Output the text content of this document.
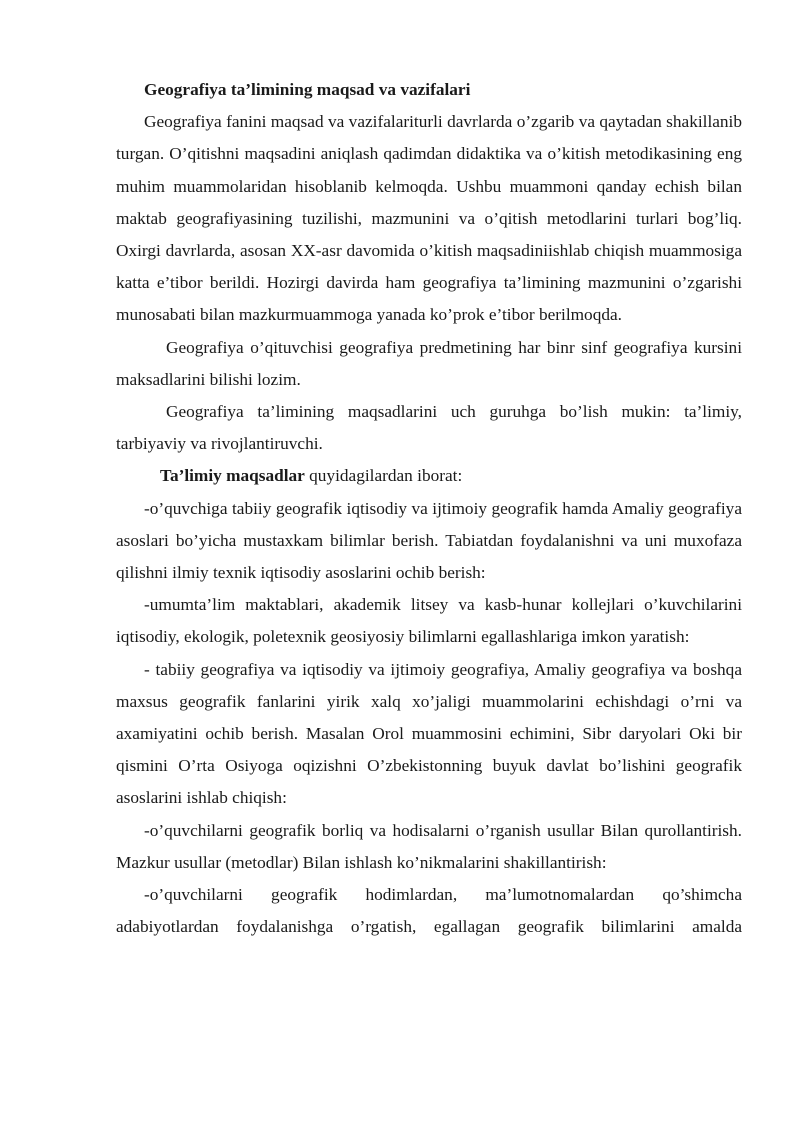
Geografiya ta’limining maqsad va vazifalari

Geografiya fanini maqsad va vazifalariturli davrlarda o’zgarib va qaytadan shakillanib turgan. O’qitishni maqsadini aniqlash qadimdan didaktika va o’kitish metodikasining eng muhim muammolaridan hisoblanib kelmoqda. Ushbu muammoni qanday echish bilan maktab geografiyasining tuzilishi, mazmunini va o’qitish metodlarini turlari bog’liq. Oxirgi davrlarda, asosan XX-asr davomida o’kitish maqsadiniishlab chiqish muammosiga katta e’tibor berildi. Hozirgi davirda ham geografiya ta’limining mazmunini o’zgarishi munosabati bilan mazkurmuammoga yanada ko’prok e’tibor berilmoqda.

Geografiya o’qituvchisi geografiya predmetining har binr sinf geografiya kursini maksadlarini bilishi lozim.

Geografiya ta’limining maqsadlarini uch guruhga bo’lish mukin: ta’limiy, tarbiyaviy va rivojlantiruvchi.

Ta’limiy maqsadlar quyidagilardan iborat:

-o’quvchiga tabiiy geografik iqtisodiy va ijtimoiy geografik hamda Amaliy geografiya asoslari bo’yicha mustaxkam bilimlar berish. Tabiatdan foydalanishni va uni muxofaza qilishni ilmiy texnik iqtisodiy asoslarini ochib berish:

-umumta’lim maktablari, akademik litsey va kasb-hunar kollejlari o’kuvchilarini iqtisodiy, ekologik, poletexnik geosiyosiy bilimlarni egallashlariga imkon yaratish:

- tabiiy geografiya va iqtisodiy va ijtimoiy geografiya, Amaliy geografiya va boshqa maxsus geografik fanlarini yirik xalq xo’jaligi muammolarini echishdagi o’rni va axamiyatini ochib berish. Masalan Orol muammosini echimini, Sibr daryolari Oki bir qismini O’rta Osiyoga oqizishni O’zbekistonning buyuk davlat bo’lishini geografik asoslarini ishlab chiqish:

-o’quvchilarni geografik borliq va hodisalarni o’rganish usullar Bilan qurollantirish. Mazkur usullar (metodlar) Bilan ishlash ko’nikmalarini shakillantirish:

-o’quvchilarni geografik hodimlardan, ma’lumotnomalardan qo’shimcha adabiyotlardan foydalanishga o’rgatish, egallagan geografik bilimlarini amalda
